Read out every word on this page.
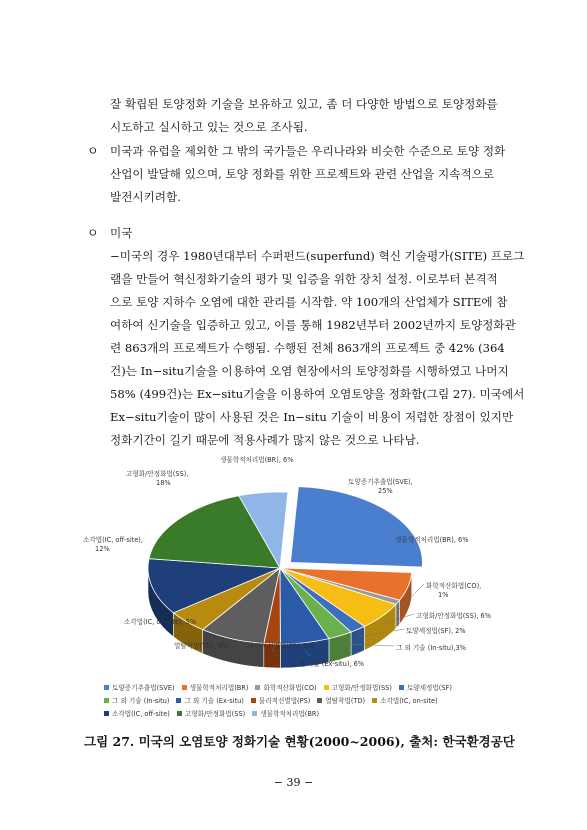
잘 확립된 토양정화 기술을 보유하고 있고, 좀 더 다양한 방법으로 토양정화를
시도하고 실시하고 있는 것으로 조사됨.
ㅇ 미국과 유럽을 제외한 그 밖의 국가들은 우리나라와 비슷한 수준으로 토양 정화
산업이 발달해 있으며, 토양 정화를 위한 프로젝트와 관련 산업을 지속적으로
발전시키려함.
ㅇ 미국
−미국의 경우 1980년대부터 수퍼펀드(superfund) 혁신 기술평가(SITE) 프로그
램을 만들어 혁신정화기술의 평가 및 입증을 위한 장치 설정. 이로부터 본격적
으로 토양 지하수 오염에 대한 관리를 시작함. 약 100개의 산업체가 SITE에 참
여하여 신기술을 입증하고 있고, 이를 통해 1982년부터 2002년까지 토양정화관
련 863개의 프로젝트가 수행됨. 수행된 전체 863개의 프로젝트 중 42% (364
건)는 In−situ기술을 이용하여 오염 현장에서의 토양정화를 시행하였고 나머지
58% (499건)는 Ex−situ기술을 이용하여 오염토양을 정화함(그림 27). 미국에서
Ex−situ기술이 많이 사용된 것은 In−situ 기술이 비용이 저렴한 장점이 있지만
정화기간이 길기 때문에 적용사례가 많지 않은 것으로 나타남.
토양증기추출법(SVE), 25%
생물학적처리법(BR), 6%
화학적산화법(CO), 1%
고형화/안정화법(SS), 6%
토양세정법(SF), 2%
그 외 기술 (In-situ),3%
그 외 기술 (Ex-situ), 6%
물리적선별법(PS), 2%
열탈착법(TD), 8%
소각법(IC, on-site), 5%
소각법(IC, off-site), 12%
고형화/안정화법(SS), 18%
생물학적처리법(BR), 6%
토양증기추출법(SVE) 생물학적처리법(BR) 화학적산화법(CO) 고형화/안정화법(SS) 토양세정법(SF)
그 외 기술 (In-situ) 그 외 기술 (Ex-situ) 물리적선별법(PS) 열탈착법(TD) 소각법(IC, on-site)
소각법(IC, off-site) 고형화/안정화법(SS) 생물학적처리법(BR)
그림 27. 미국의 오염토양 정화기술 현황(2000~2006), 출처: 한국환경공단
− 39 −
